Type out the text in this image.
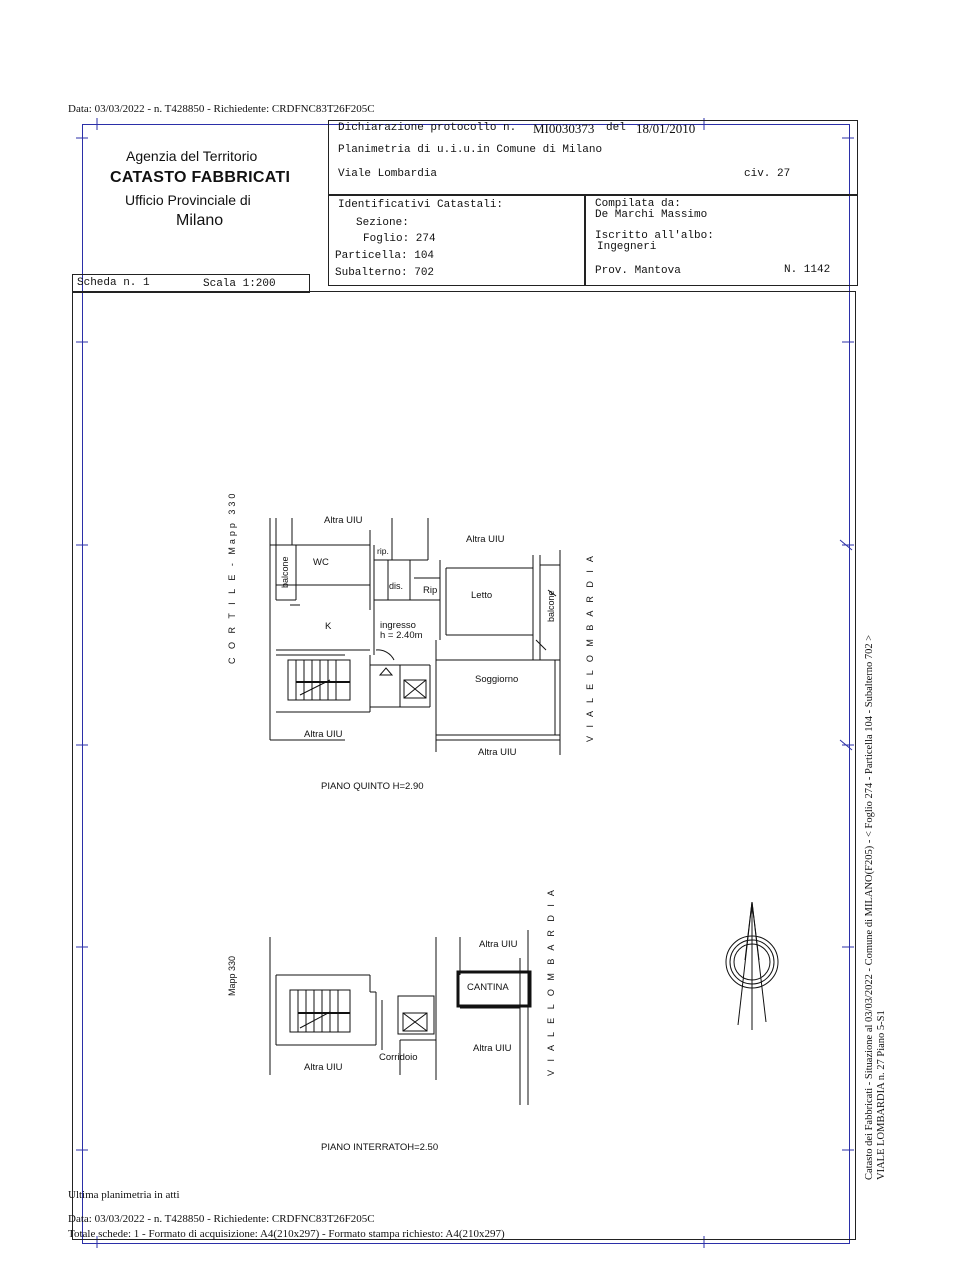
Data: 03/03/2022 - n. T428850 - Richiedente: CRDFNC83T26F205C
Agenzia del Territorio
CATASTO FABBRICATI
Ufficio Provinciale di
Milano
Dichiarazione protocollo n. MI0030373 del 18/01/2010
Planimetria di u.i.u.in Comune di Milano
Viale Lombardia	civ. 27
Identificativi Catastali:
Sezione:
Foglio: 274
Particella: 104
Subalterno: 702
Compilata da:
De Marchi Massimo
Iscritto all'albo:
Ingegneri
Prov. Mantova	N. 1142
Scheda n. 1	Scala 1:200
Altra UIU
Altra UIU
rip.
WC
dis. Rip	Letto
K	ingresso
h = 2.40m
Soggiorno
Altra UIU
Altra UIU
balcone
balcone
C O R T I L E - Mapp 330	V I A L E L O M B A R D I A
PIANO QUINTO H=2.90
Mapp 330
Altra UIU
CANTINA
Altra UIU
Corridoio
Altra UIU	V I A L E L O M B A R D I A
PIANO INTERRATOH=2.50	Catasto dei Fabbricati - Situazione al 03/03/2022 - Comune di MILANO(F205) - < Foglio 274 - Particella 104 - Subalterno 702 > VIALE LOMBARDIA n. 27 Piano 5-S1
Ultima planimetria in atti
Data: 03/03/2022 - n. T428850 - Richiedente: CRDFNC83T26F205C
Totale schede: 1 - Formato di acquisizione: A4(210x297) - Formato stampa richiesto: A4(210x297)
